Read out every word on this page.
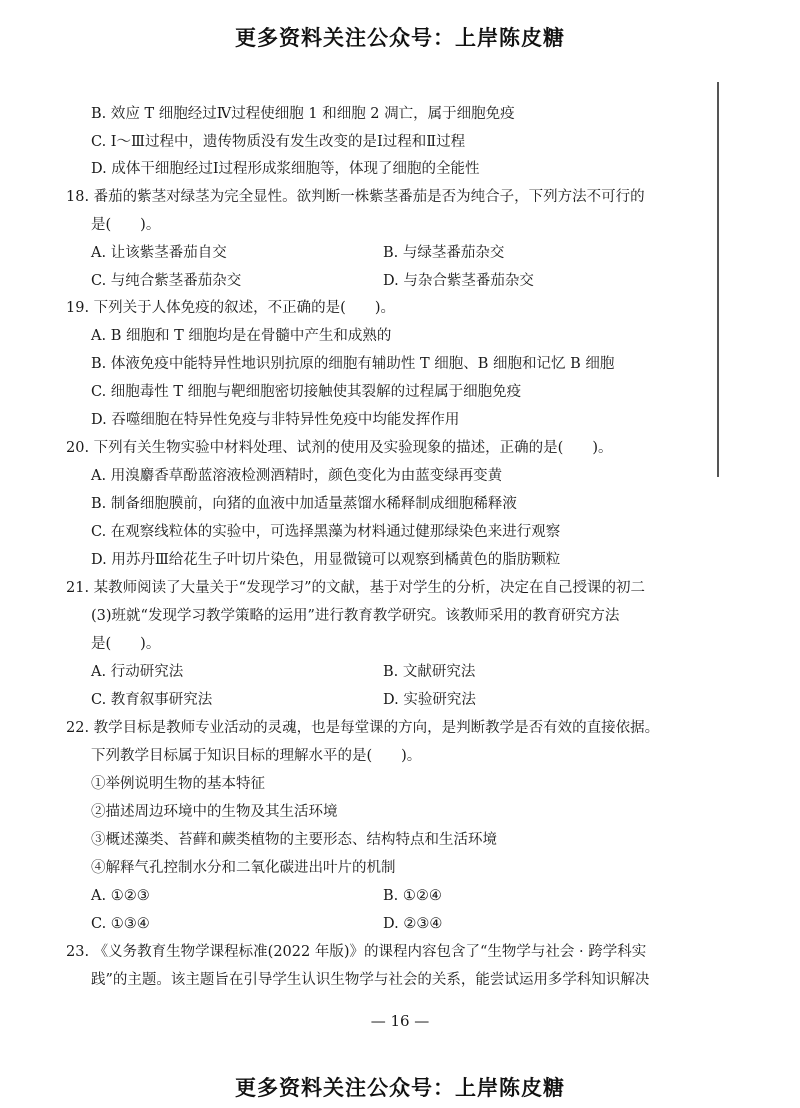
更多资料关注公众号：上岸陈皮糖
B. 效应 T 细胞经过Ⅳ过程使细胞 1 和细胞 2 凋亡，属于细胞免疫
C. Ⅰ～Ⅲ过程中，遗传物质没有发生改变的是Ⅰ过程和Ⅱ过程
D. 成体干细胞经过Ⅰ过程形成浆细胞等，体现了细胞的全能性
18. 番茄的紫茎对绿茎为完全显性。欲判断一株紫茎番茄是否为纯合子，下列方法不可行的
是(　　)。
A. 让该紫茎番茄自交	B. 与绿茎番茄杂交
C. 与纯合紫茎番茄杂交	D. 与杂合紫茎番茄杂交
19. 下列关于人体免疫的叙述，不正确的是(　　)。
A. B 细胞和 T 细胞均是在骨髓中产生和成熟的
B. 体液免疫中能特异性地识别抗原的细胞有辅助性 T 细胞、B 细胞和记忆 B 细胞
C. 细胞毒性 T 细胞与靶细胞密切接触使其裂解的过程属于细胞免疫
D. 吞噬细胞在特异性免疫与非特异性免疫中均能发挥作用
20. 下列有关生物实验中材料处理、试剂的使用及实验现象的描述，正确的是(　　)。
A. 用溴麝香草酚蓝溶液检测酒精时，颜色变化为由蓝变绿再变黄
B. 制备细胞膜前，向猪的血液中加适量蒸馏水稀释制成细胞稀释液
C. 在观察线粒体的实验中，可选择黑藻为材料通过健那绿染色来进行观察
D. 用苏丹Ⅲ给花生子叶切片染色，用显微镜可以观察到橘黄色的脂肪颗粒
21. 某教师阅读了大量关于“发现学习”的文献，基于对学生的分析，决定在自己授课的初二
(3)班就“发现学习教学策略的运用”进行教育教学研究。该教师采用的教育研究方法
是(　　)。
A. 行动研究法	B. 文献研究法
C. 教育叙事研究法	D. 实验研究法
22. 教学目标是教师专业活动的灵魂，也是每堂课的方向，是判断教学是否有效的直接依据。
下列教学目标属于知识目标的理解水平的是(　　)。
①举例说明生物的基本特征
②描述周边环境中的生物及其生活环境
③概述藻类、苔藓和蕨类植物的主要形态、结构特点和生活环境
④解释气孔控制水分和二氧化碳进出叶片的机制
A. ①②③	B. ①②④
C. ①③④	D. ②③④
23. 《义务教育生物学课程标准(2022 年版)》的课程内容包含了“生物学与社会 · 跨学科实
践”的主题。该主题旨在引导学生认识生物学与社会的关系，能尝试运用多学科知识解决
— 16 —
更多资料关注公众号：上岸陈皮糖
